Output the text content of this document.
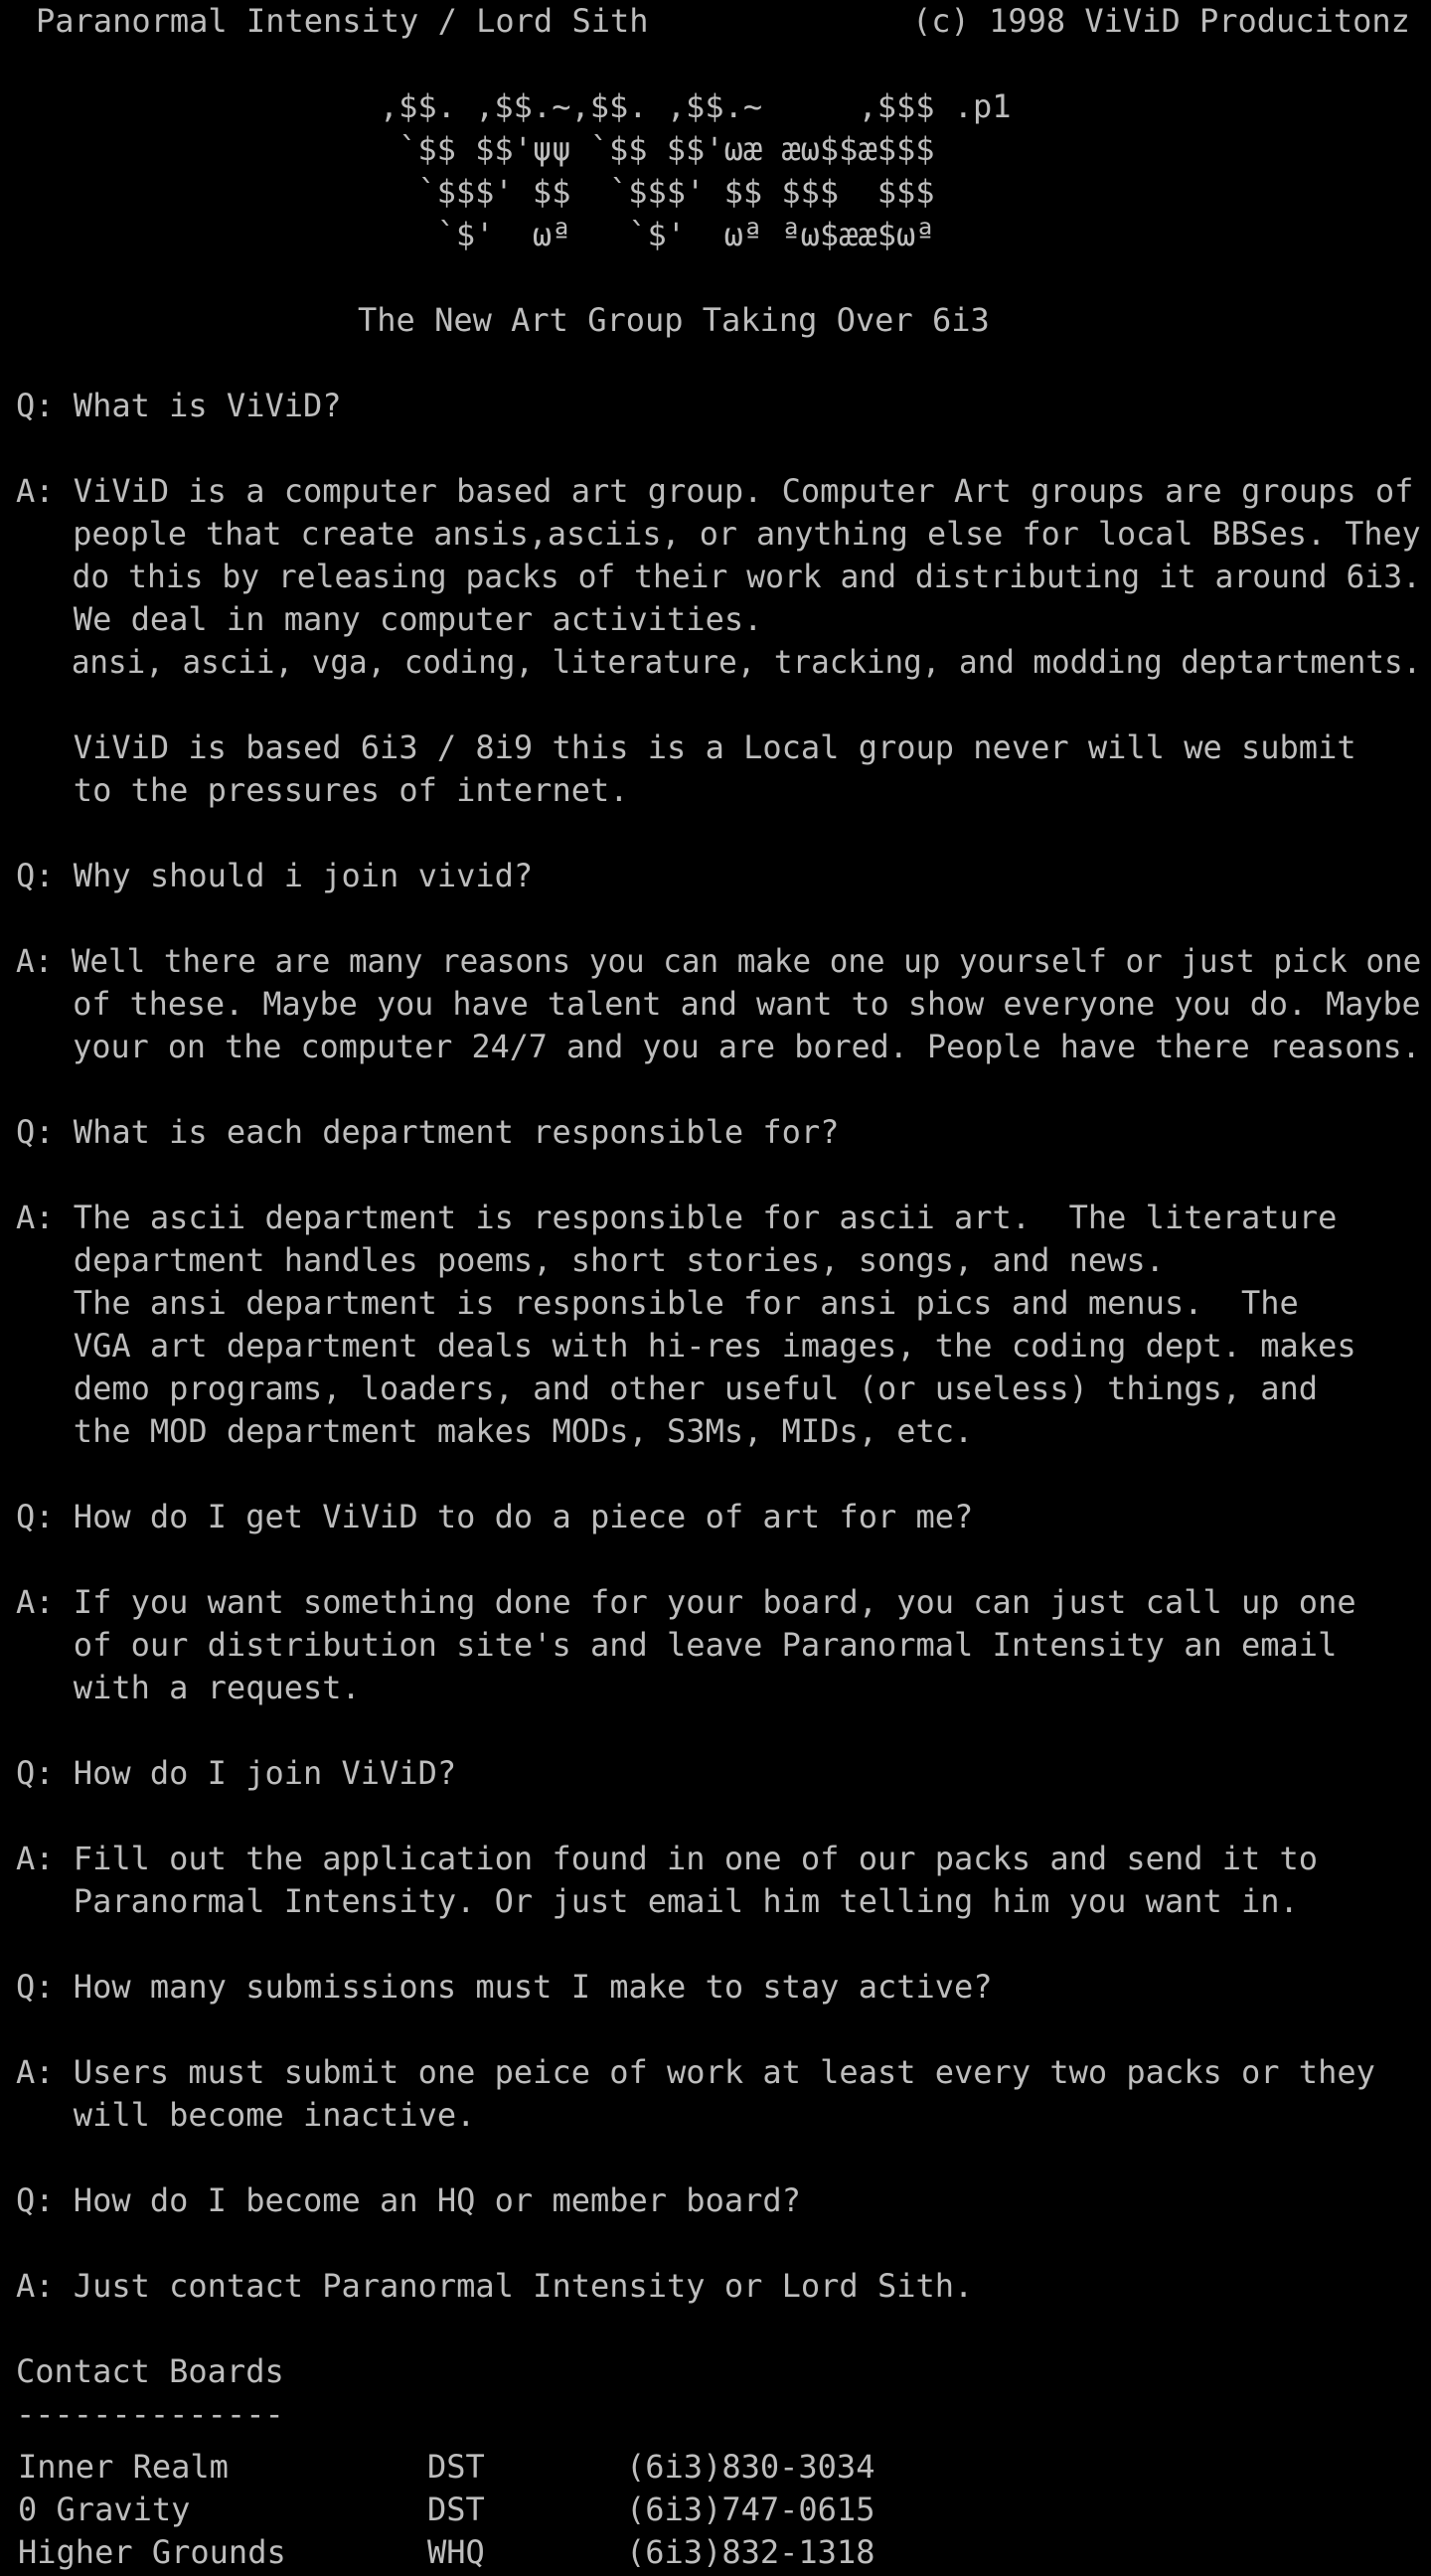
Paranormal Intensity / Lord Sith	(c) 1998 ViViD Producitonz
,$$. ,$$.~,$$. ,$$.~     ,$$$ .p1
`$$ $$'ψψ `$$ $$'ωæ æω$$æ$$$
`$$$' $$  `$$$' $$ $$$  $$$
`$'  ωª   `$'  ωª ªω$ææ$ωª
The New Art Group Taking Over 6i3
Q: What is ViViD?
A: ViViD is a computer based art group. Computer Art groups are groups of
people that create ansis,asciis, or anything else for local BBSes. They
do this by releasing packs of their work and distributing it around 6i3.
We deal in many computer activities.
ansi, ascii, vga, coding, literature, tracking, and modding deptartments.
ViViD is based 6i3 / 8i9 this is a Local group never will we submit
to the pressures of internet.
Q: Why should i join vivid?
A: Well there are many reasons you can make one up yourself or just pick one
of these. Maybe you have talent and want to show everyone you do. Maybe
your on the computer 24/7 and you are bored. People have there reasons.
Q: What is each department responsible for?
A: The ascii department is responsible for ascii art.  The literature
department handles poems, short stories, songs, and news.
The ansi department is responsible for ansi pics and menus.  The
VGA art department deals with hi-res images, the coding dept. makes
demo programs, loaders, and other useful (or useless) things, and
the MOD department makes MODs, S3Ms, MIDs, etc.
Q: How do I get ViViD to do a piece of art for me?
A: If you want something done for your board, you can just call up one
of our distribution site's and leave Paranormal Intensity an email
with a request.
Q: How do I join ViViD?
A: Fill out the application found in one of our packs and send it to
Paranormal Intensity. Or just email him telling him you want in.
Q: How many submissions must I make to stay active?
A: Users must submit one peice of work at least every two packs or they
will become inactive.
Q: How do I become an HQ or member board?
A: Just contact Paranormal Intensity or Lord Sith.
Contact Boards
--------------
Inner Realm	DST	(6i3)830-3034
0 Gravity	DST	(6i3)747-0615
Higher Grounds	WHQ	(6i3)832-1318
